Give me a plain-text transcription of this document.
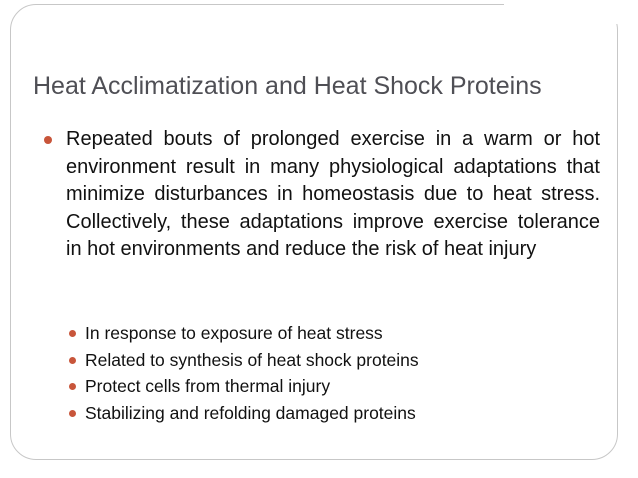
Heat Acclimatization and Heat Shock Proteins
Repeated bouts of prolonged exercise in a warm or hot environment result in many physiological adaptations that minimize disturbances in homeostasis due to heat stress. Collectively, these adaptations improve exercise tolerance in hot environments and reduce the risk of heat injury
In response to exposure of heat stress
Related to synthesis of heat shock proteins
Protect cells from thermal injury
Stabilizing and refolding damaged proteins
